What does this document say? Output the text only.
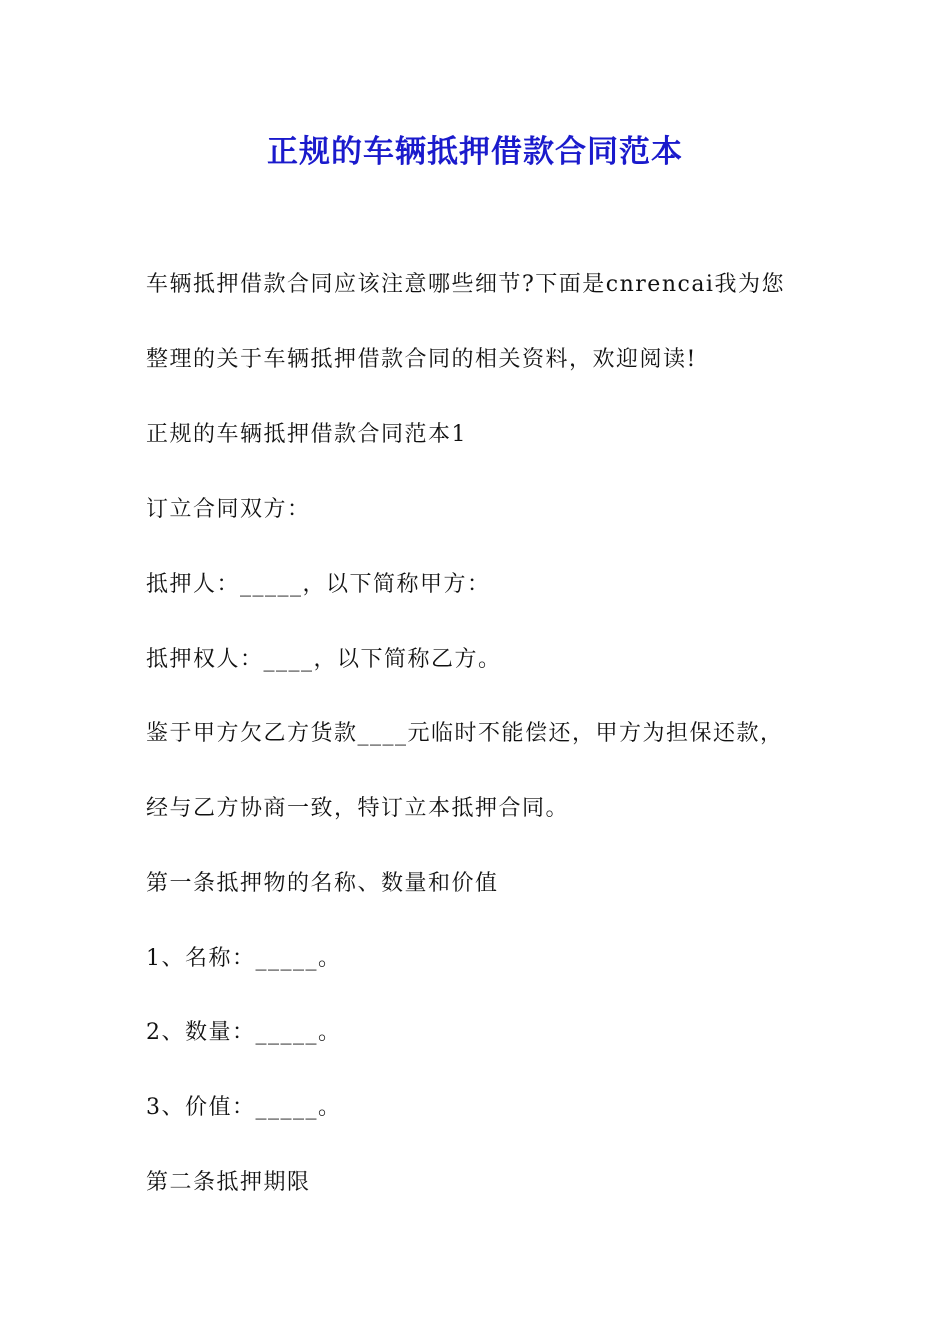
正规的车辆抵押借款合同范本

车辆抵押借款合同应该注意哪些细节?下面是cnrencai我为您

整理的关于车辆抵押借款合同的相关资料，欢迎阅读!

正规的车辆抵押借款合同范本1

订立合同双方：

抵押人：_____，以下简称甲方：

抵押权人：____，以下简称乙方。

鉴于甲方欠乙方货款____元临时不能偿还，甲方为担保还款，

经与乙方协商一致，特订立本抵押合同。

第一条抵押物的名称、数量和价值

1、名称：_____。

2、数量：_____。

3、价值：_____。

第二条抵押期限
